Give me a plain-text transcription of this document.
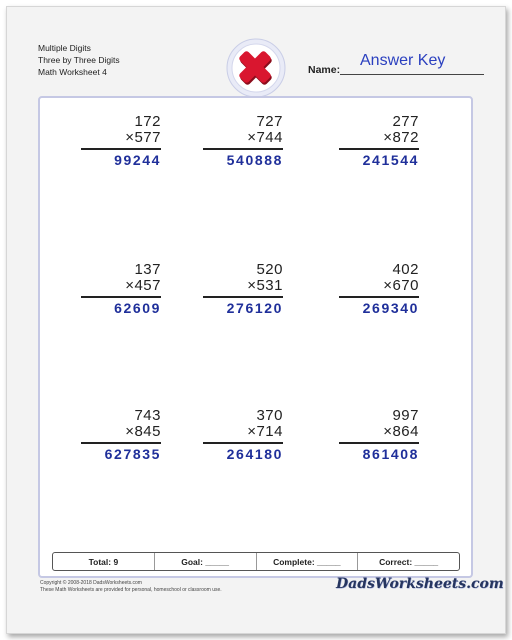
Multiple Digits
Three by Three Digits
Math Worksheet 4	Name:
Answer Key
172
×577
99244
727
×744
540888
277
×872
241544
137
×457
62609
520
×531
276120
402
×670
269340
743
×845
627835
370
×714
264180
997
×864
861408
Total: 9	Goal: _____	Complete: _____	Correct: _____
Copyright © 2008-2018 DadsWorksheets.com
These Math Worksheets are provided for personal, homeschool or classroom use.	DadsWorksheets.com
